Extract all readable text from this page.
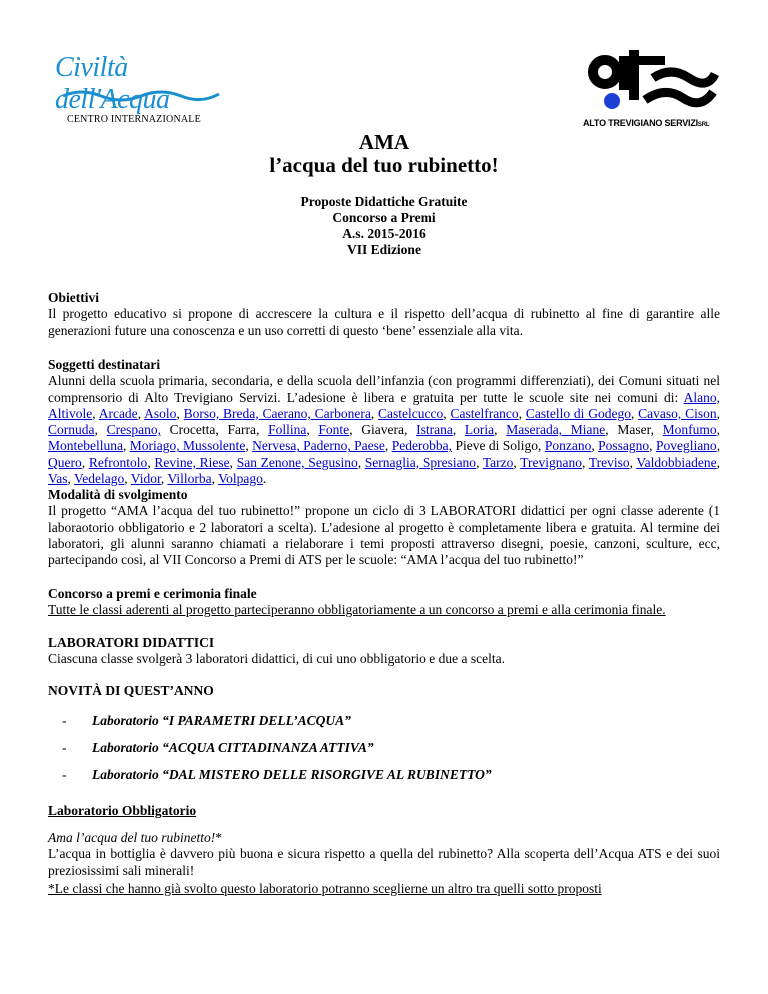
Civiltà dell'Acqua
CENTRO INTERNAZIONALE	ALTO TREVIGIANO SERVIZISRL
AMA
l’acqua del tuo rubinetto!
Proposte Didattiche Gratuite
Concorso a Premi
A.s. 2015-2016
VII Edizione
Obiettivi
Il progetto educativo si propone di accrescere la cultura e il rispetto dell’acqua di rubinetto al fine di garantire alle generazioni future una conoscenza e un uso corretti di questo ‘bene’ essenziale alla vita.
Soggetti destinatari
Alunni della scuola primaria, secondaria, e della scuola dell’infanzia (con programmi differenziati), dei Comuni situati nel comprensorio di Alto Trevigiano Servizi. L’adesione è libera e gratuita per tutte le scuole site nei comuni di: Alano, Altivole, Arcade, Asolo, Borso, Breda, Caerano, Carbonera, Castelcucco, Castelfranco, Castello di Godego, Cavaso, Cison, Cornuda, Crespano, Crocetta, Farra, Follina, Fonte, Giavera, Istrana, Loria, Maserada, Miane, Maser, Monfumo, Montebelluna, Moriago, Mussolente, Nervesa, Paderno, Paese, Pederobba, Pieve di Soligo, Ponzano, Possagno, Povegliano, Quero, Refrontolo, Revine, Riese, San Zenone, Segusino, Sernaglia, Spresiano, Tarzo, Trevignano, Treviso, Valdobbiadene, Vas, Vedelago, Vidor, Villorba, Volpago.
Modalità di svolgimento
Il progetto “AMA l’acqua del tuo rubinetto!” propone un ciclo di 3 LABORATORI didattici per ogni classe aderente (1 laboraotorio obbligatorio e 2 laboratori a scelta). L’adesione al progetto è completamente libera e gratuita. Al termine dei laboratori, gli alunni saranno chiamati a rielaborare i temi proposti attraverso disegni, poesie, canzoni, sculture, ecc, partecipando così, al VII Concorso a Premi di ATS per le scuole: “AMA l’acqua del tuo rubinetto!”
Concorso a premi e cerimonia finale
Tutte le classi aderenti al progetto parteciperanno obbligatoriamente a un concorso a premi e alla cerimonia finale.
LABORATORI DIDATTICI
Ciascuna classe svolgerà 3 laboratori didattici, di cui uno obbligatorio e due a scelta.
NOVITÀ DI QUEST’ANNO
- Laboratorio “I PARAMETRI DELL’ACQUA”
- Laboratorio “ACQUA CITTADINANZA ATTIVA”
- Laboratorio “DAL MISTERO DELLE RISORGIVE AL RUBINETTO”
Laboratorio Obbligatorio
Ama l’acqua del tuo rubinetto!*
L’acqua in bottiglia è davvero più buona e sicura rispetto a quella del rubinetto? Alla scoperta dell’Acqua ATS e dei suoi preziosissimi sali minerali!
*Le classi che hanno già svolto questo laboratorio potranno sceglierne un altro tra quelli sotto proposti
